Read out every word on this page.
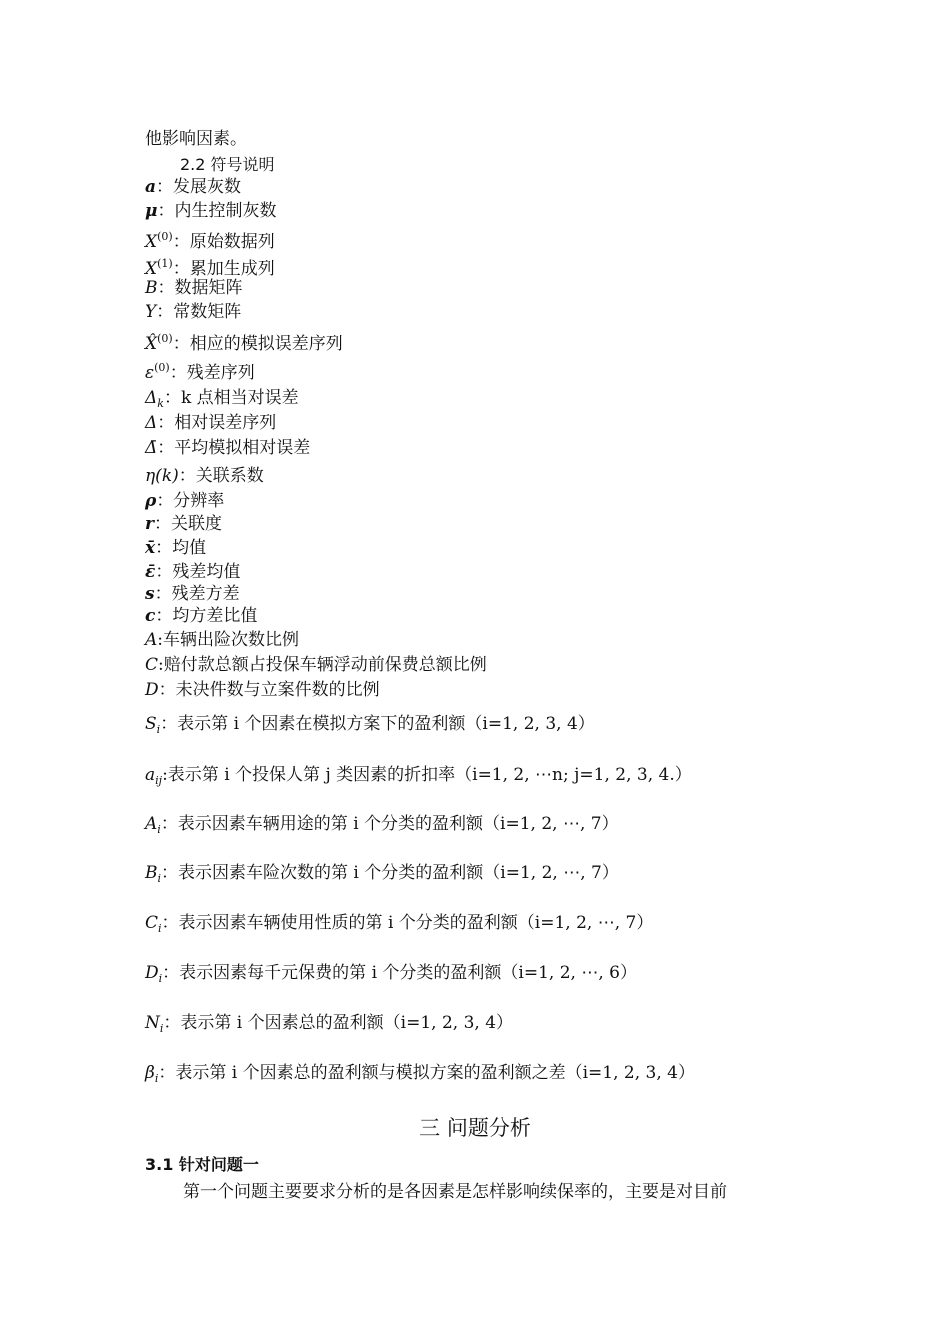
他影响因素。
2.2 符号说明
a：发展灰数
μ：内生控制灰数
$X^{(0)}$：原始数据列
$X^{(1)}$：累加生成列
B：数据矩阵
Y：常数矩阵
X̂$^{(0)}$：相应的模拟误差序列
$\varepsilon^{(0)}$：残差序列
$\Delta_k$：k 点相当对误差
Δ：相对误差序列
Δ̄：平均模拟相对误差
η(k)：关联系数
ρ：分辨率
r：关联度
x̄：均值
ε̄：残差均值
s：残差方差
c：均方差比值
A:车辆出险次数比例
C:赔付款总额占投保车辆浮动前保费总额比例
D：未决件数与立案件数的比例
$S_i$：表示第 i 个因素在模拟方案下的盈利额（i=1, 2, 3, 4）
$a_{ij}$:表示第 i 个投保人第 j 类因素的折扣率（i=1, 2, ⋯n; j=1, 2, 3, 4.）
$A_i$：表示因素车辆用途的第 i 个分类的盈利额（i=1, 2, ⋯, 7）
$B_i$：表示因素车险次数的第 i 个分类的盈利额（i=1, 2, ⋯, 7）
$C_i$：表示因素车辆使用性质的第 i 个分类的盈利额（i=1, 2, ⋯, 7）
$D_i$：表示因素每千元保费的第 i 个分类的盈利额（i=1, 2, ⋯, 6）
$N_i$：表示第 i 个因素总的盈利额（i=1, 2, 3, 4）
$\beta_i$：表示第 i 个因素总的盈利额与模拟方案的盈利额之差（i=1, 2, 3, 4）
三 问题分析
3.1 针对问题一
第一个问题主要要求分析的是各因素是怎样影响续保率的，主要是对目前
